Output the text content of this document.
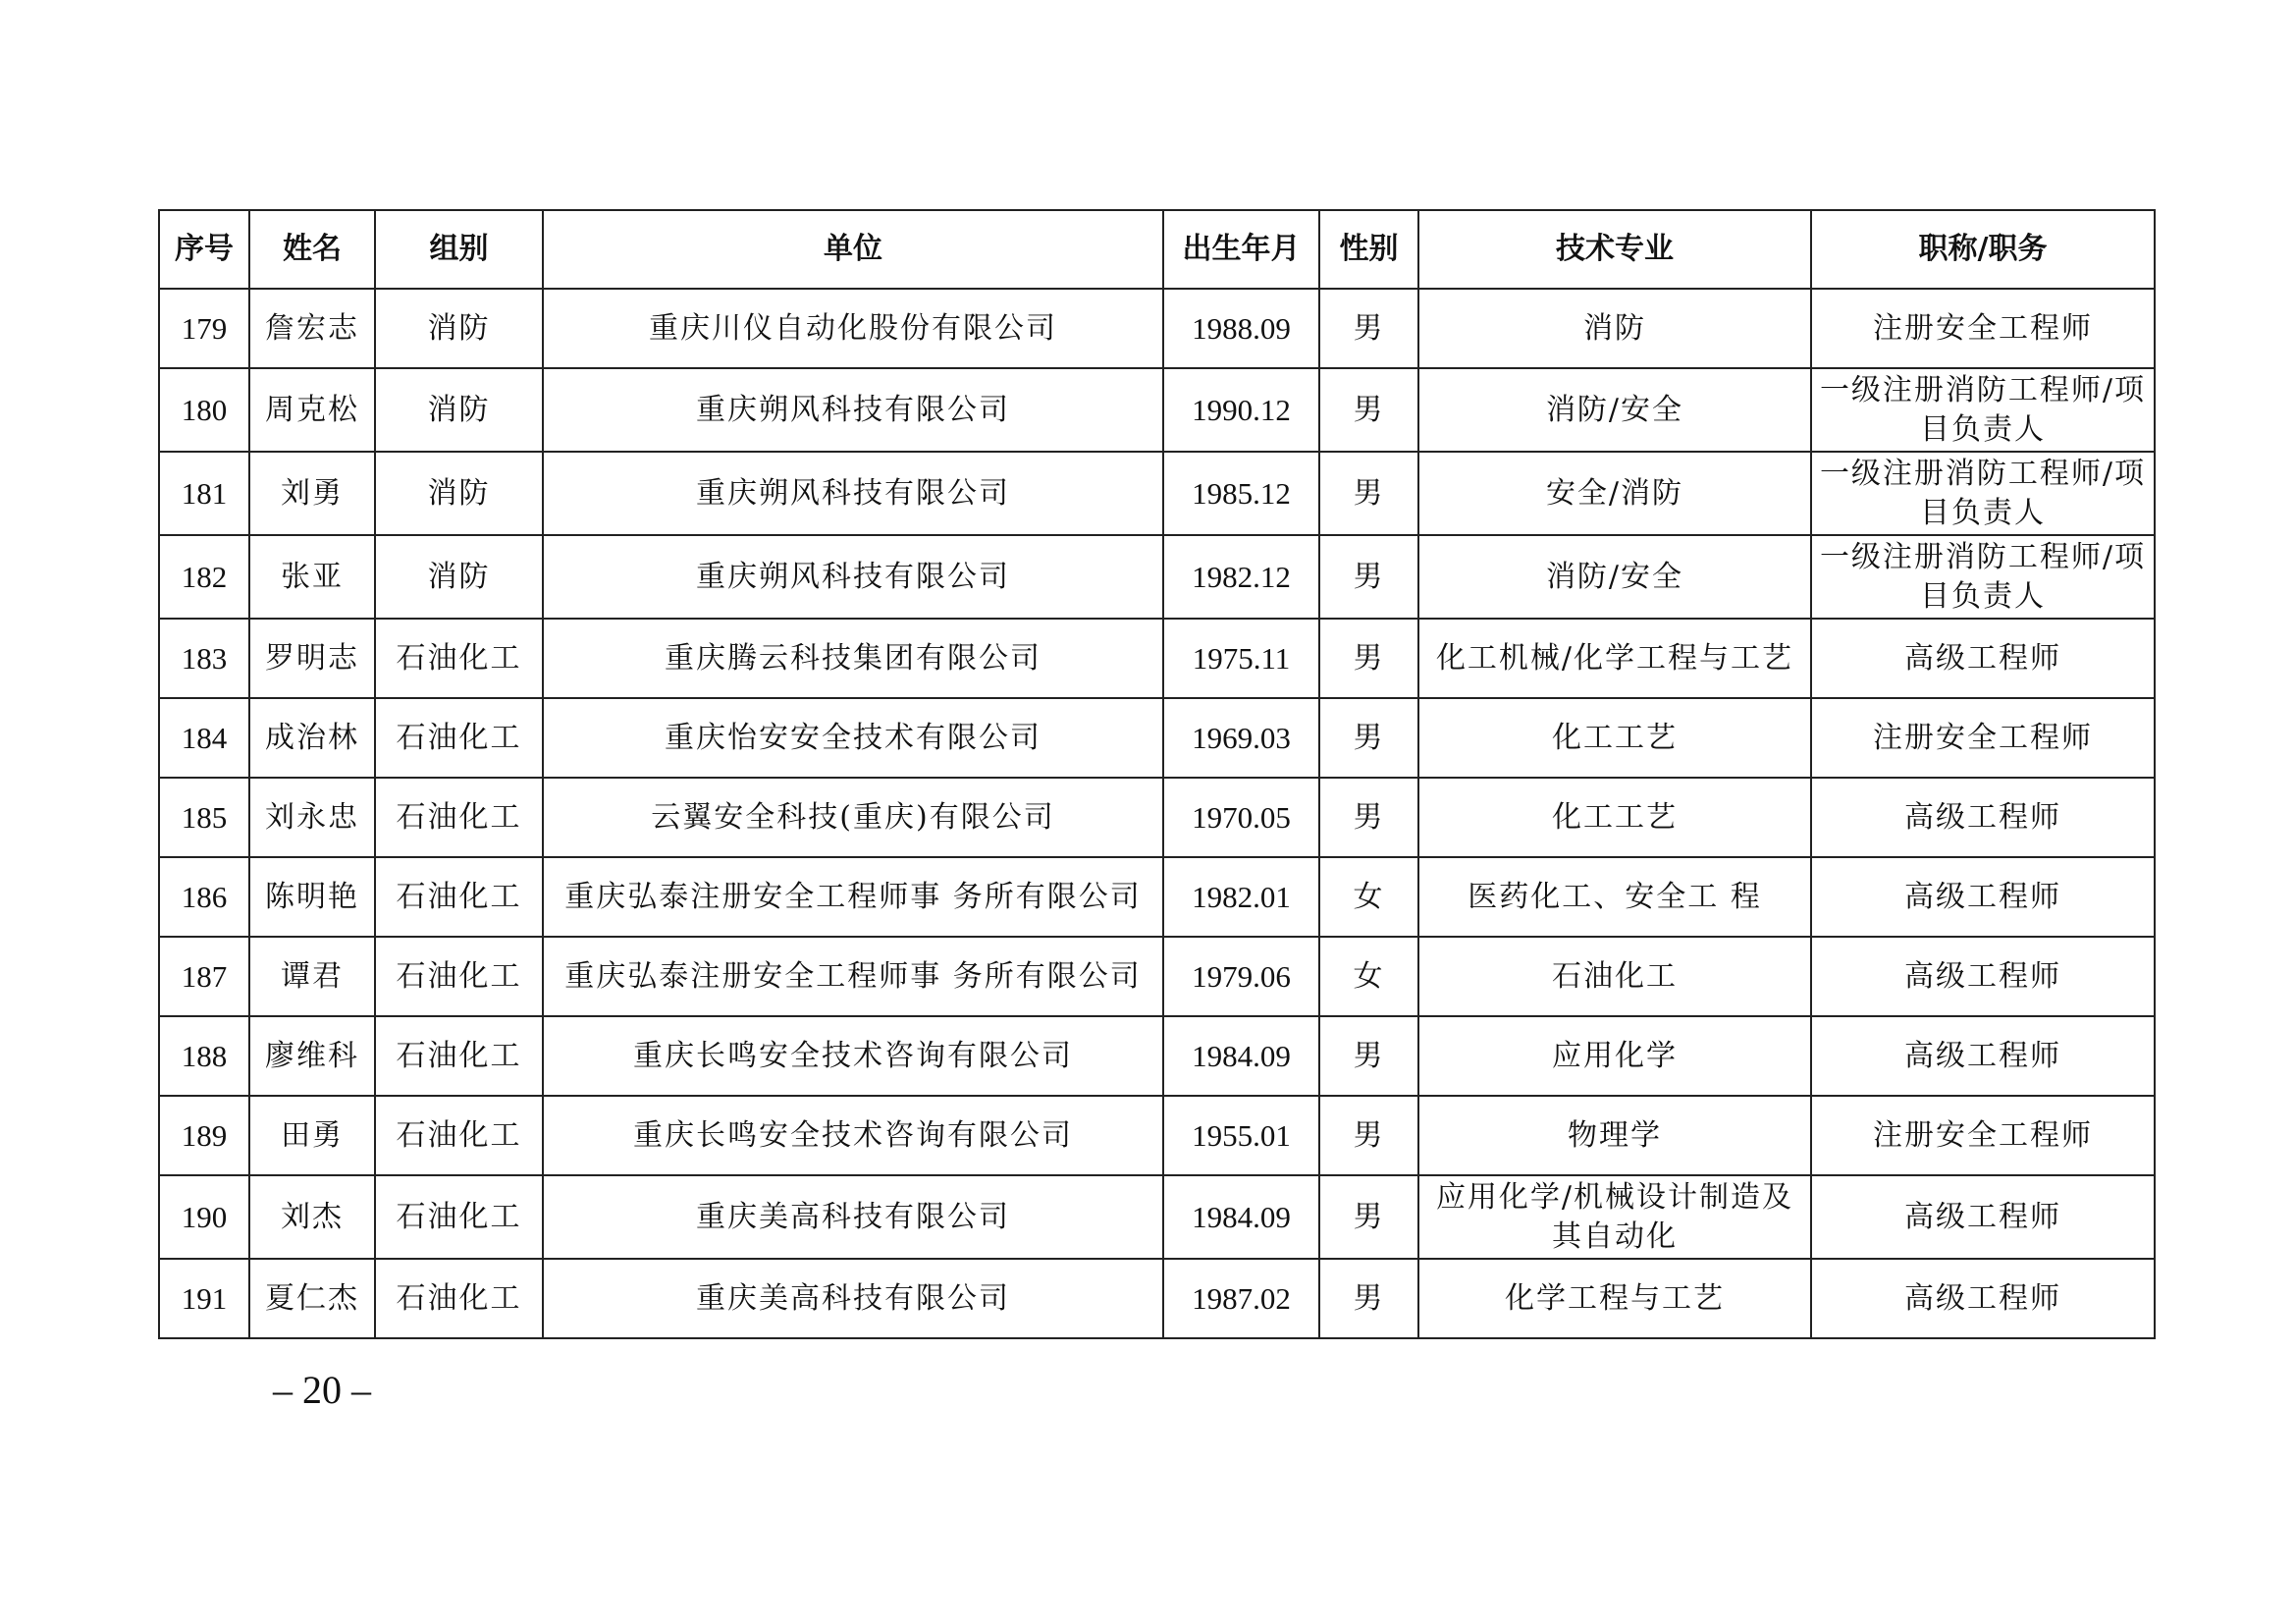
序号	姓名	组别	单位	出生年月	性别	技术专业	职称/职务
179	詹宏志	消防	重庆川仪自动化股份有限公司	1988.09	男	消防	注册安全工程师
180	周克松	消防	重庆朔风科技有限公司	1990.12	男	消防/安全	一级注册消防工程师/项目负责人
181	刘勇	消防	重庆朔风科技有限公司	1985.12	男	安全/消防	一级注册消防工程师/项目负责人
182	张亚	消防	重庆朔风科技有限公司	1982.12	男	消防/安全	一级注册消防工程师/项目负责人
183	罗明志	石油化工	重庆腾云科技集团有限公司	1975.11	男	化工机械/化学工程与工艺	高级工程师
184	成治林	石油化工	重庆怡安安全技术有限公司	1969.03	男	化工工艺	注册安全工程师
185	刘永忠	石油化工	云翼安全科技(重庆)有限公司	1970.05	男	化工工艺	高级工程师
186	陈明艳	石油化工	重庆弘泰注册安全工程师事 务所有限公司	1982.01	女	医药化工、安全工 程	高级工程师
187	谭君	石油化工	重庆弘泰注册安全工程师事 务所有限公司	1979.06	女	石油化工	高级工程师
188	廖维科	石油化工	重庆长鸣安全技术咨询有限公司	1984.09	男	应用化学	高级工程师
189	田勇	石油化工	重庆长鸣安全技术咨询有限公司	1955.01	男	物理学	注册安全工程师
190	刘杰	石油化工	重庆美高科技有限公司	1984.09	男	应用化学/机械设计制造及其自动化	高级工程师
191	夏仁杰	石油化工	重庆美高科技有限公司	1987.02	男	化学工程与工艺	高级工程师
– 20 –
